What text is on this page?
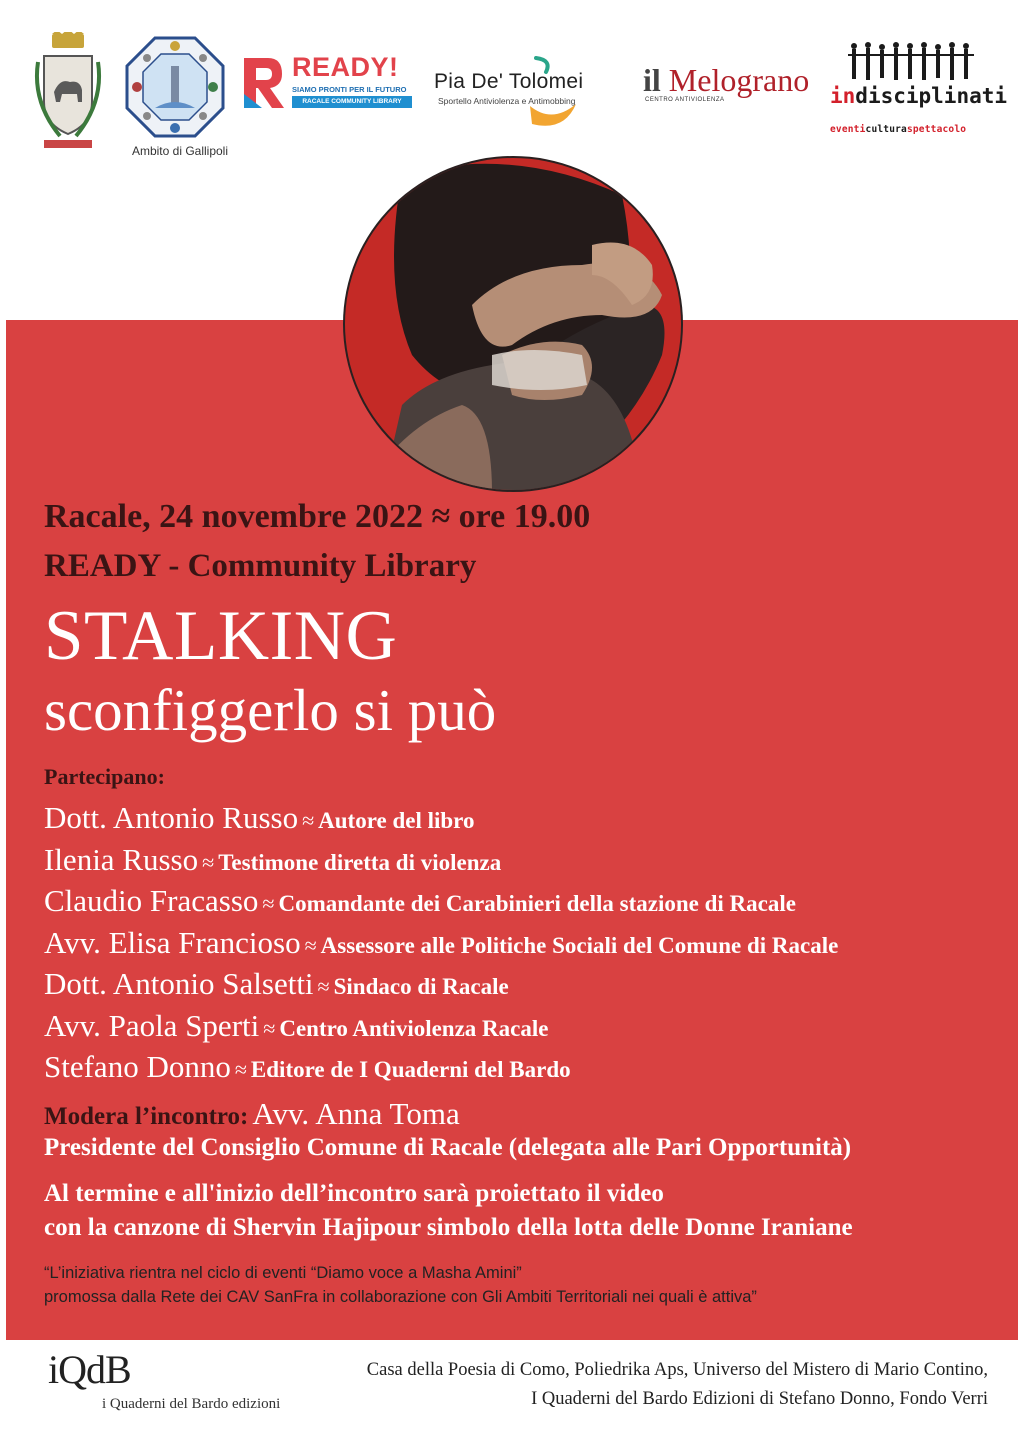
Ambito di Gallipoli
READY!
SIAMO PRONTI PER IL FUTURO
RACALE COMMUNITY LIBRARY
Pia De' Tolomei
Sportello Antiviolenza e Antimobbing
il Melograno
CENTRO ANTIVIOLENZA	indisciplinati
eventiculturaspettacolo
Racale, 24 novembre 2022 ≈ ore 19.00
READY - Community Library
STALKING
sconfiggerlo si può
Partecipano:
Dott. Antonio Russo ≈ Autore del libro
Ilenia Russo ≈ Testimone diretta di violenza
Claudio Fracasso ≈ Comandante dei Carabinieri della stazione di Racale
Avv. Elisa Francioso ≈ Assessore alle Politiche Sociali del Comune di Racale
Dott. Antonio Salsetti ≈ Sindaco di Racale
Avv. Paola Sperti ≈ Centro Antiviolenza Racale
Stefano Donno ≈ Editore de I Quaderni del Bardo
Modera l’incontro: Avv. Anna Toma
Presidente del Consiglio Comune di Racale (delegata alle Pari Opportunità)
Al termine e all'inizio dell’incontro sarà proiettato il video
con la canzone di Shervin Hajipour simbolo della lotta delle Donne Iraniane
“L’iniziativa rientra nel ciclo di eventi “Diamo voce a Masha Amini”
promossa dalla Rete dei CAV SanFra in collaborazione con Gli Ambiti Territoriali nei quali è attiva”
iQdB
i Quaderni del Bardo edizioni
Casa della Poesia di Como, Poliedrika Aps, Universo del Mistero di Mario Contino,
I Quaderni del Bardo Edizioni di Stefano Donno, Fondo Verri
